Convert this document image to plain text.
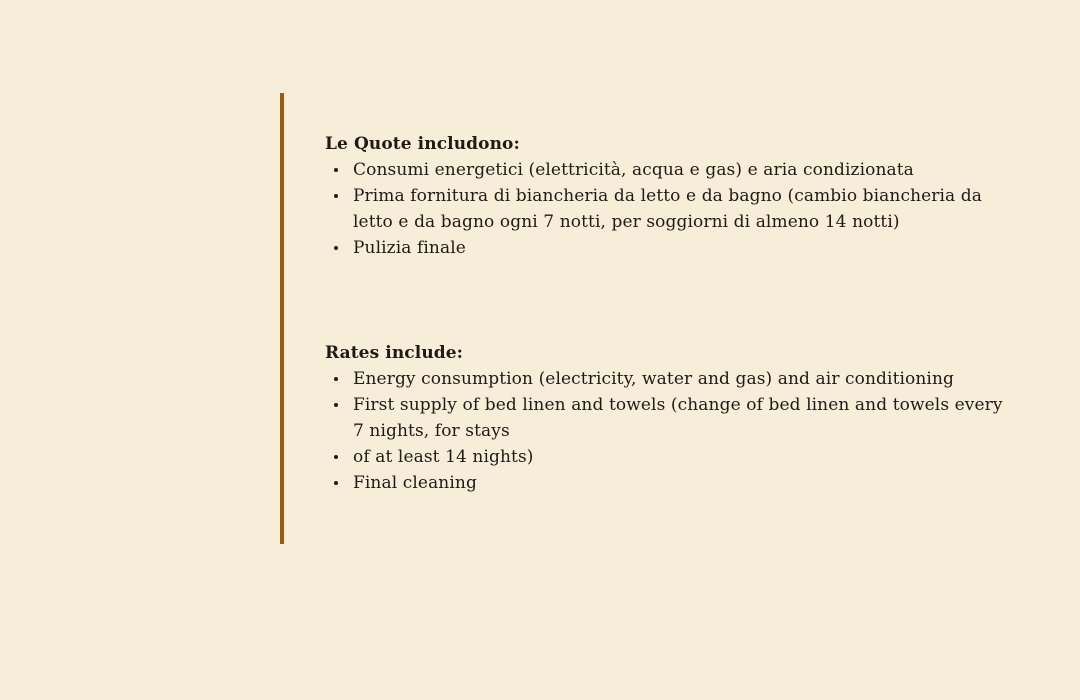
Le Quote includono:
Consumi energetici (elettricità, acqua e gas) e aria condizionata
Prima fornitura di biancheria da letto e da bagno (cambio biancheria da letto e da bagno ogni 7 notti, per soggiorni di almeno 14 notti)
Pulizia finale
Rates include:
Energy consumption (electricity, water and gas) and air conditioning
First supply of bed linen and towels (change of bed linen and towels every 7 nights, for stays
of at least 14 nights)
Final cleaning
